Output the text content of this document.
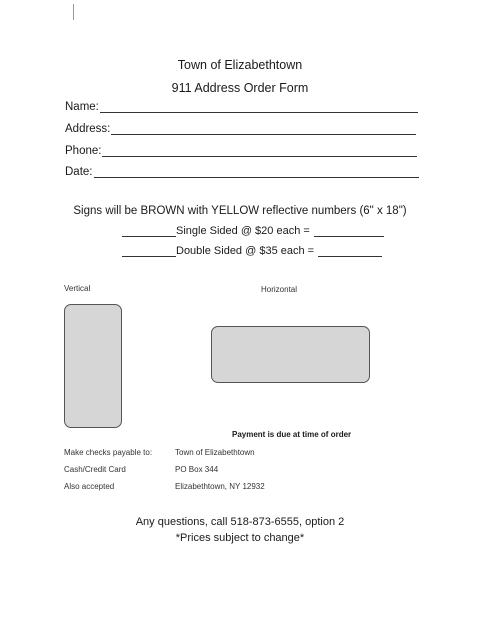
Town of Elizabethtown
911 Address Order Form
Name:
Address:
Phone:
Date:
Signs will be BROWN with YELLOW reflective numbers (6" x 18")
Single Sided @ $20 each =
Double Sided @ $35 each =
Vertical	Horizontal
Payment is due at time of order
Make checks payable to:
Cash/Credit Card
Also accepted
Town of Elizabethtown
PO Box 344
Elizabethtown, NY 12932
Any questions, call 518-873-6555, option 2
*Prices subject to change*
